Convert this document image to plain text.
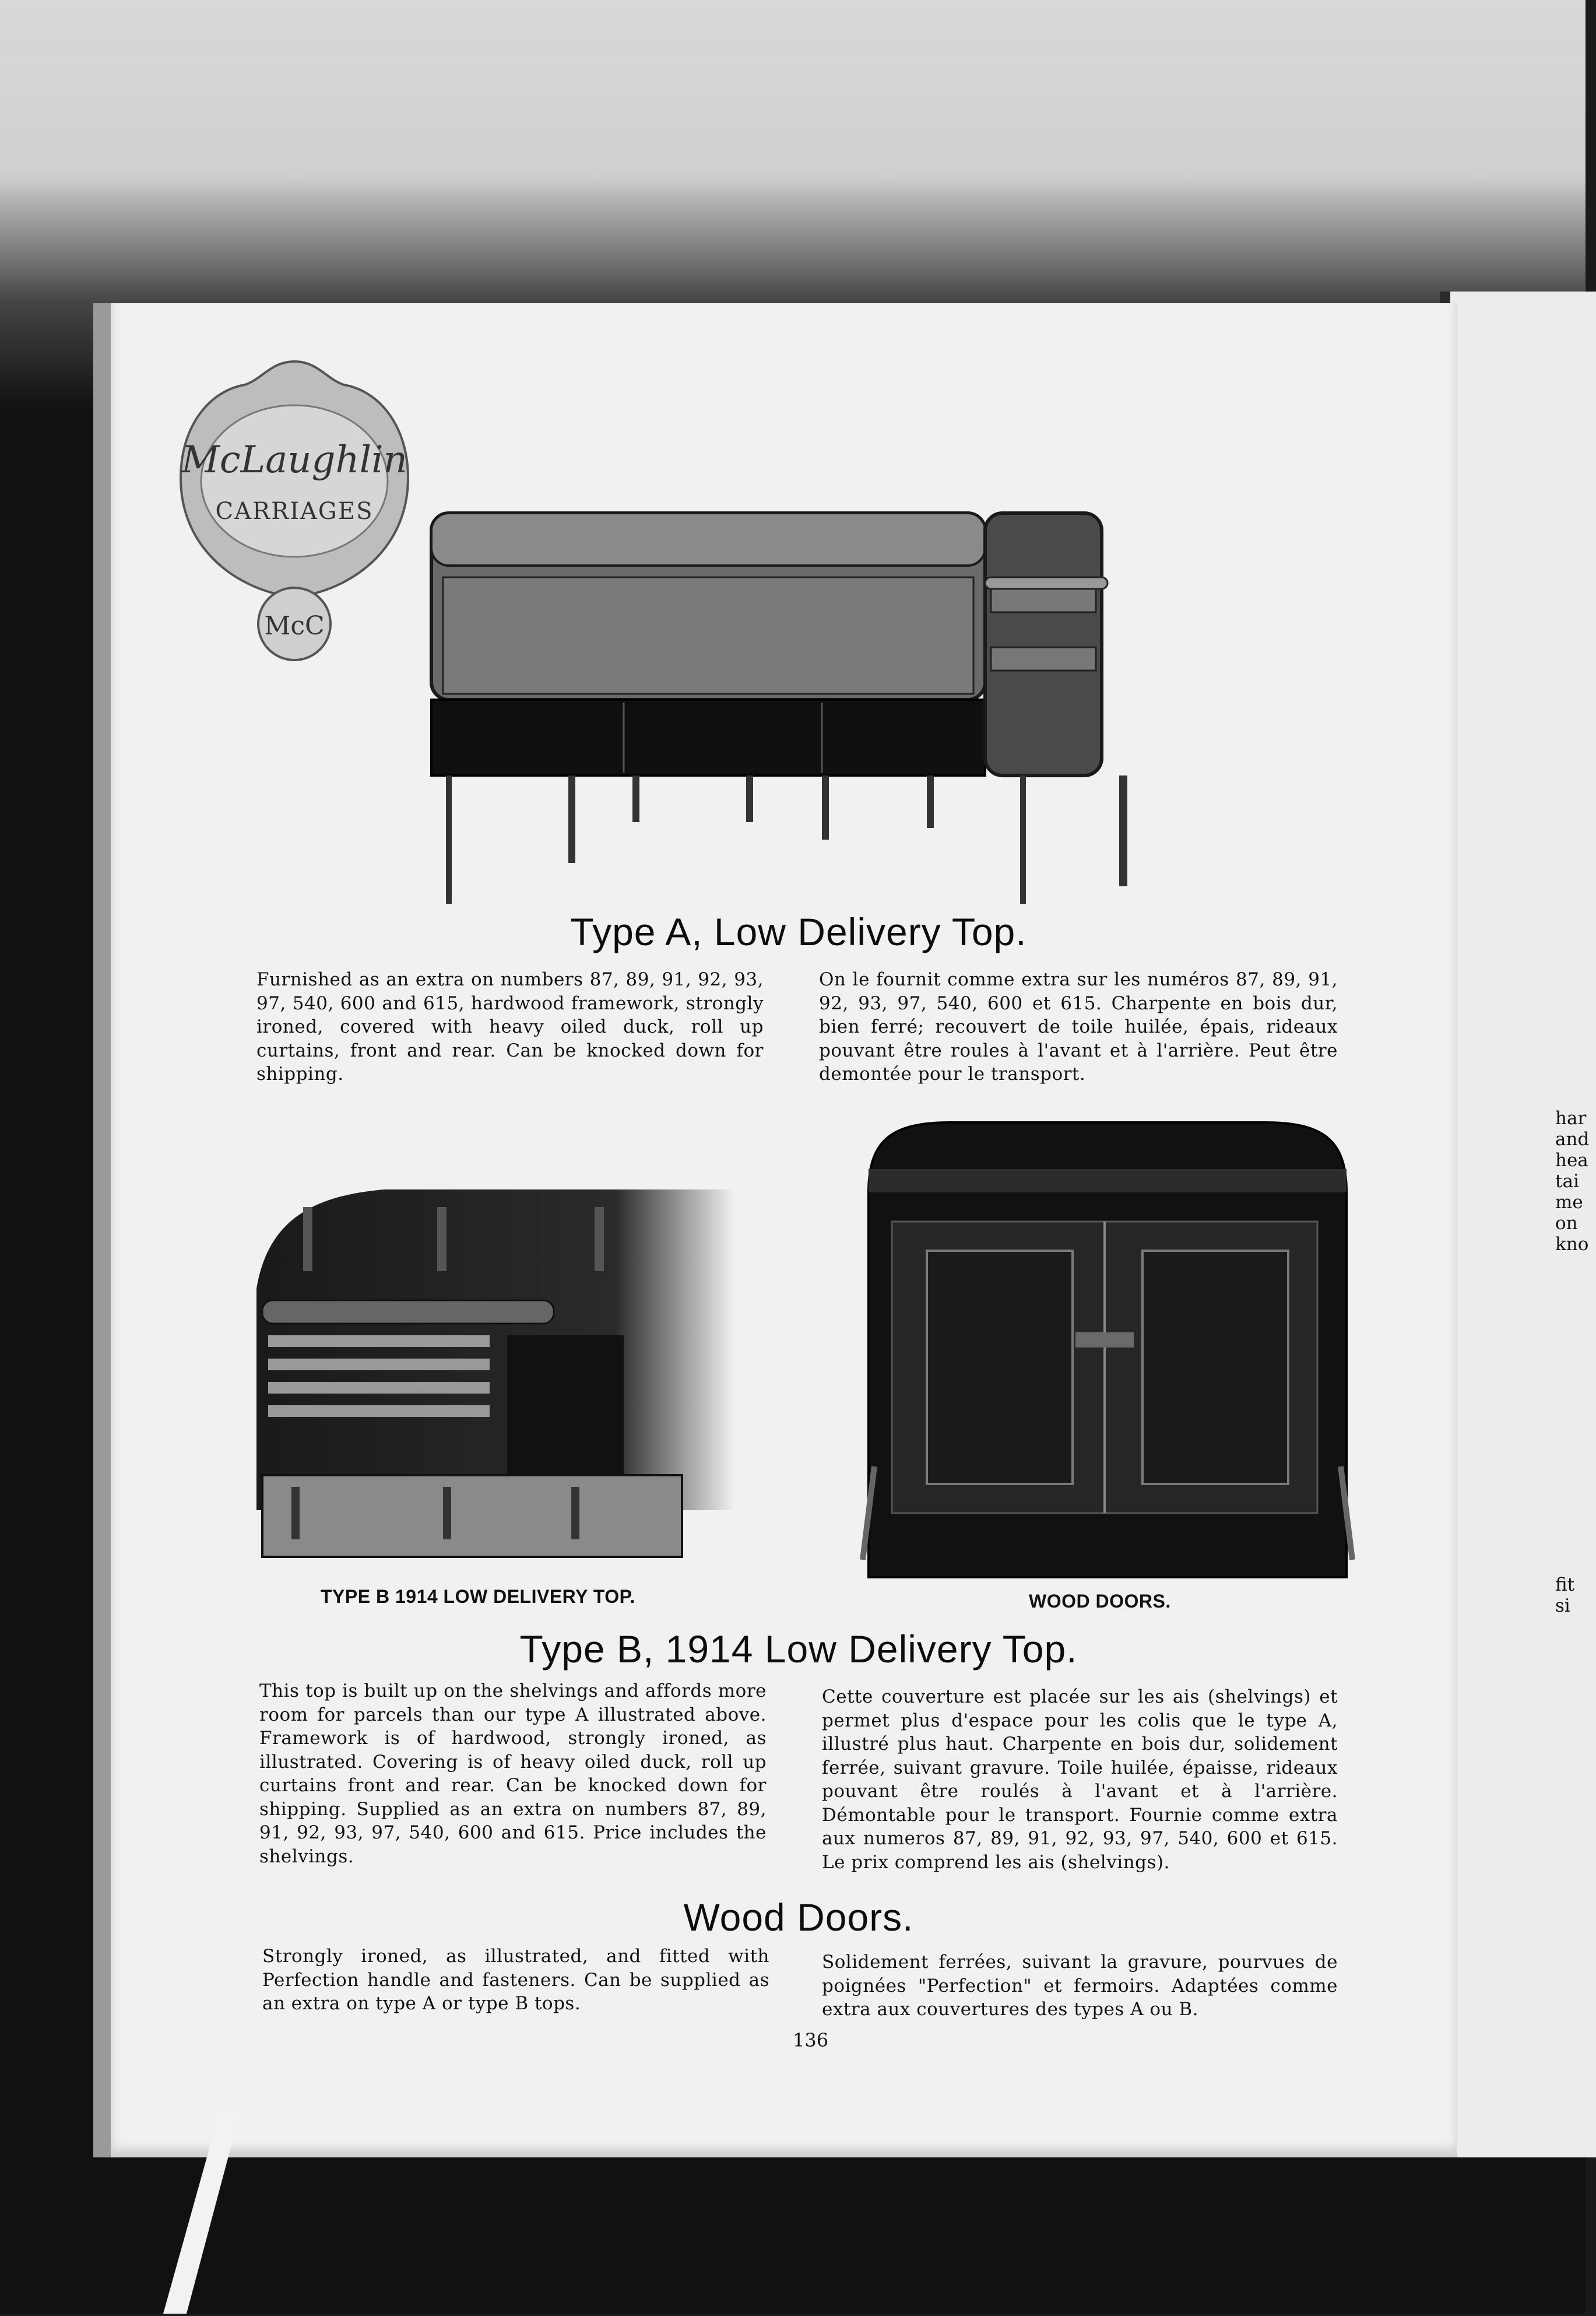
har
and
hea
tai
me
on
kno
fit
si
McLaughlin
CARRIAGES
McC
Type A, Low Delivery Top.
Furnished as an extra on numbers 87, 89, 91, 92, 93, 97, 540, 600 and 615, hardwood framework, strongly ironed, covered with heavy oiled duck, roll up curtains, front and rear. Can be knocked down for shipping.
On le fournit comme extra sur les numéros 87, 89, 91, 92, 93, 97, 540, 600 et 615. Charpente en bois dur, bien ferré; recouvert de toile huilée, épais, rideaux pouvant être roules à l'avant et à l'arrière. Peut être demontée pour le transport.
TYPE B 1914 LOW DELIVERY TOP.	WOOD DOORS.
Type B, 1914 Low Delivery Top.
This top is built up on the shelvings and affords more room for parcels than our type A illustrated above. Framework is of hardwood, strongly ironed, as illustrated. Covering is of heavy oiled duck, roll up curtains front and rear. Can be knocked down for shipping. Supplied as an extra on numbers 87, 89, 91, 92, 93, 97, 540, 600 and 615. Price includes the shelvings.
Cette couverture est placée sur les ais (shelvings) et permet plus d'espace pour les colis que le type A, illustré plus haut. Charpente en bois dur, solidement ferrée, suivant gravure. Toile huilée, épaisse, rideaux pouvant être roulés à l'avant et à l'arrière. Démontable pour le transport. Fournie comme extra aux numeros 87, 89, 91, 92, 93, 97, 540, 600 et 615. Le prix comprend les ais (shelvings).
Wood Doors.
Strongly ironed, as illustrated, and fitted with Perfection handle and fasteners. Can be supplied as an extra on type A or type B tops.
Solidement ferrées, suivant la gravure, pourvues de poignées "Perfection" et fermoirs. Adaptées comme extra aux couvertures des types A ou B.
136
